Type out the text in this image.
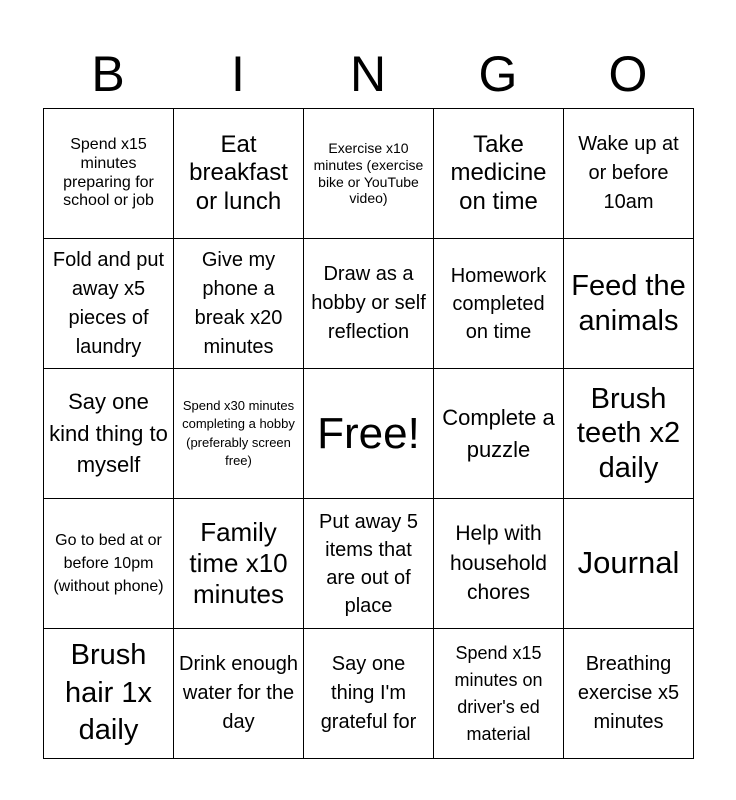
B	I	N	G	O
Spend x15 minutes preparing for school or job	Eat breakfast or lunch	Exercise x10 minutes (exercise bike or YouTube video)	Take medicine on time	Wake up at or before 10am
Fold and put away x5 pieces of laundry	Give my phone a break x20 minutes	Draw as a hobby or self reflection	Homework completed on time	Feed the animals
Say one kind thing to myself	Spend x30 minutes completing a hobby (preferably screen free)	Free!	Complete a puzzle	Brush teeth x2 daily
Go to bed at or before 10pm (without phone)	Family time x10 minutes	Put away 5 items that are out of place	Help with household chores	Journal
Brush hair 1x daily	Drink enough water for the day	Say one thing I'm grateful for	Spend x15 minutes on driver's ed material	Breathing exercise x5 minutes
